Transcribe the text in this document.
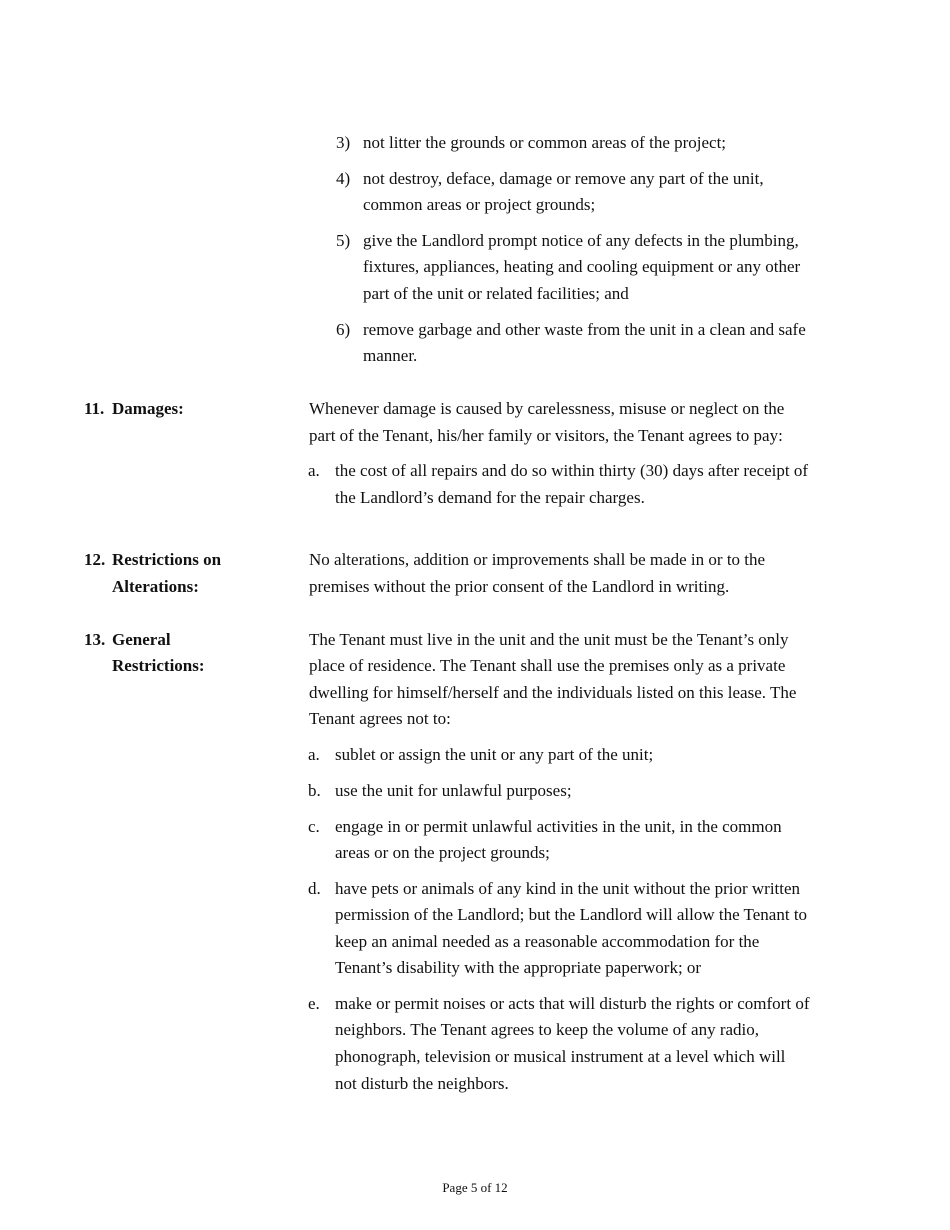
3) not litter the grounds or common areas of the project;
4) not destroy, deface, damage or remove any part of the unit,
common areas or project grounds;
5) give the Landlord prompt notice of any defects in the plumbing,
fixtures, appliances, heating and cooling equipment or any other
part of the unit or related facilities; and
6) remove garbage and other waste from the unit in a clean and safe
manner.
11. Damages:	Whenever damage is caused by carelessness, misuse or neglect on the
part of the Tenant, his/her family or visitors, the Tenant agrees to pay:
a. the cost of all repairs and do so within thirty (30) days after receipt of
the Landlord’s demand for the repair charges.
12. Restrictions on
Alterations:
No alterations, addition or improvements shall be made in or to the
premises without the prior consent of the Landlord in writing.
13. General
Restrictions:
The Tenant must live in the unit and the unit must be the Tenant’s only
place of residence. The Tenant shall use the premises only as a private
dwelling for himself/herself and the individuals listed on this lease. The
Tenant agrees not to:
a. sublet or assign the unit or any part of the unit;
b. use the unit for unlawful purposes;
c. engage in or permit unlawful activities in the unit, in the common
areas or on the project grounds;
d. have pets or animals of any kind in the unit without the prior written
permission of the Landlord; but the Landlord will allow the Tenant to
keep an animal needed as a reasonable accommodation for the
Tenant’s disability with the appropriate paperwork; or
e. make or permit noises or acts that will disturb the rights or comfort of
neighbors. The Tenant agrees to keep the volume of any radio,
phonograph, television or musical instrument at a level which will
not disturb the neighbors.
Page 5 of 12
